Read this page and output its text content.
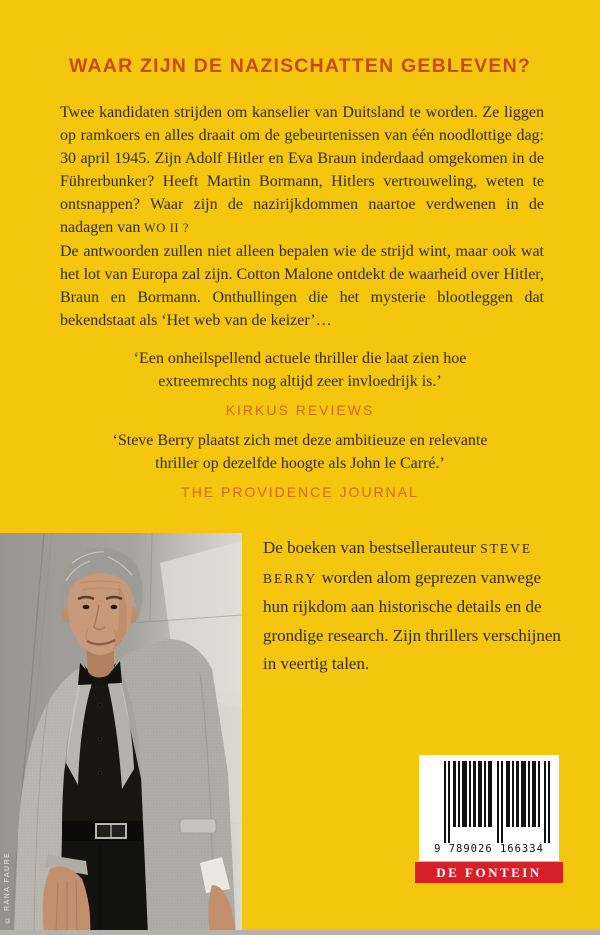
WAAR ZIJN DE NAZISCHATTEN GEBLEVEN?

Twee kandidaten strijden om kanselier van Duitsland te worden. Ze liggen op ramkoers en alles draait om de gebeurtenissen van één noodlottige dag: 30 april 1945. Zijn Adolf Hitler en Eva Braun inderdaad omgekomen in de Führerbunker? Heeft Martin Bormann, Hitlers vertrouweling, weten te ontsnappen? Waar zijn de nazirijkdommen naartoe verdwenen in de nadagen van WO II ?

De antwoorden zullen niet alleen bepalen wie de strijd wint, maar ook wat het lot van Europa zal zijn. Cotton Malone ontdekt de waarheid over Hitler, Braun en Bormann. Onthullingen die het mysterie blootleggen dat bekendstaat als ‘Het web van de keizer’…

‘Een onheilspellend actuele thriller die laat zien hoe
extreemrechts nog altijd zeer invloedrijk is.’
KIRKUS REVIEWS
‘Steve Berry plaatst zich met deze ambitieuze en relevante
thriller op dezelfde hoogte als John le Carré.’
THE PROVIDENCE JOURNAL

De boeken van bestsellerauteur STEVE BERRY worden alom geprezen vanwege hun rijkdom aan historische details en de grondige research. Zijn thrillers verschijnen in veertig talen.

© RANA FAURE
9 789026 166334
DE FONTEIN
